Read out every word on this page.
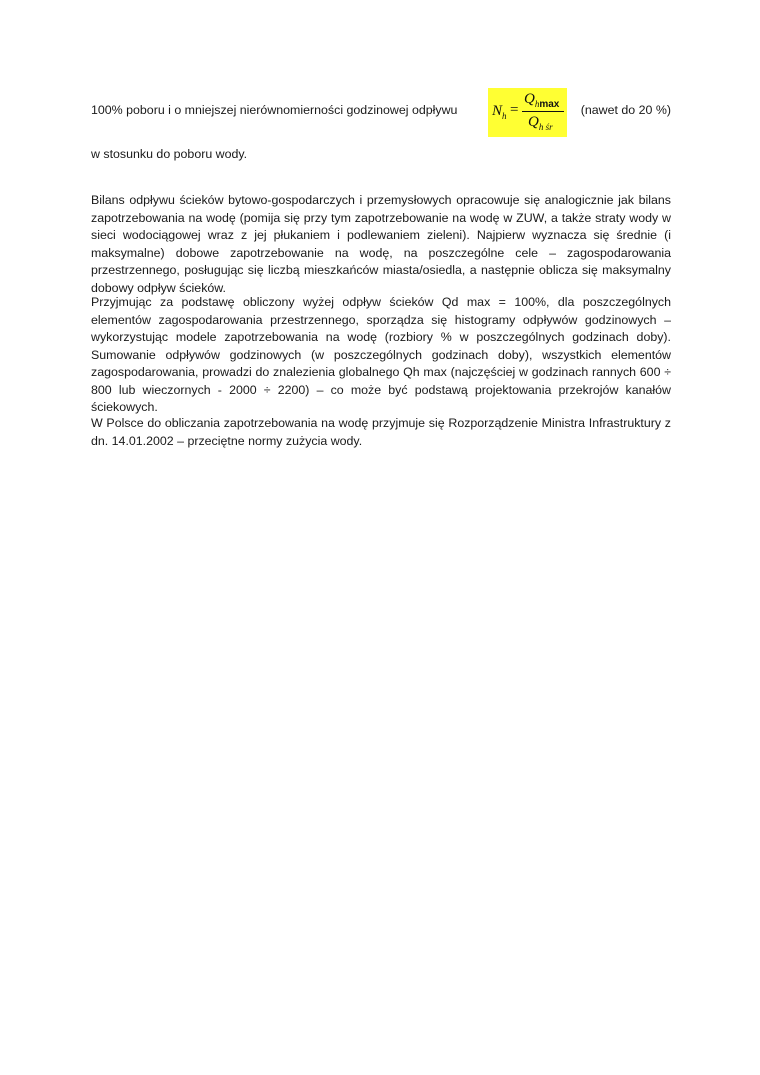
100% poboru i o mniejszej nierównomierności godzinowej odpływu	(nawet do 20 %)
$N_h$ =
$Q_{hmax}$
$Q_{h śr}$
w stosunku do poboru wody.

Bilans odpływu ścieków bytowo-gospodarczych i przemysłowych opracowuje się analogicznie jak bilans zapotrzebowania na wodę (pomija się przy tym zapotrzebowanie na wodę w ZUW, a także straty wody w sieci wodociągowej wraz z jej płukaniem i podlewaniem zieleni). Najpierw wyznacza się średnie (i maksymalne) dobowe zapotrzebowanie na wodę, na poszczególne cele – zagospodarowania przestrzennego, posługując się liczbą mieszkańców miasta/osiedla, a następnie oblicza się maksymalny dobowy odpływ ścieków.

Przyjmując za podstawę obliczony wyżej odpływ ścieków Qd max = 100%, dla poszczególnych elementów zagospodarowania przestrzennego, sporządza się histogramy odpływów godzinowych – wykorzystując modele zapotrzebowania na wodę (rozbiory % w poszczególnych godzinach doby). Sumowanie odpływów godzinowych (w poszczególnych godzinach doby), wszystkich elementów zagospodarowania, prowadzi do znalezienia globalnego Qh max (najczęściej w godzinach rannych 600 ÷ 800 lub wieczornych - 2000 ÷ 2200) – co może być podstawą projektowania przekrojów kanałów ściekowych.

W Polsce do obliczania zapotrzebowania na wodę przyjmuje się Rozporządzenie Ministra Infrastruktury z dn. 14.01.2002 – przeciętne normy zużycia wody.
